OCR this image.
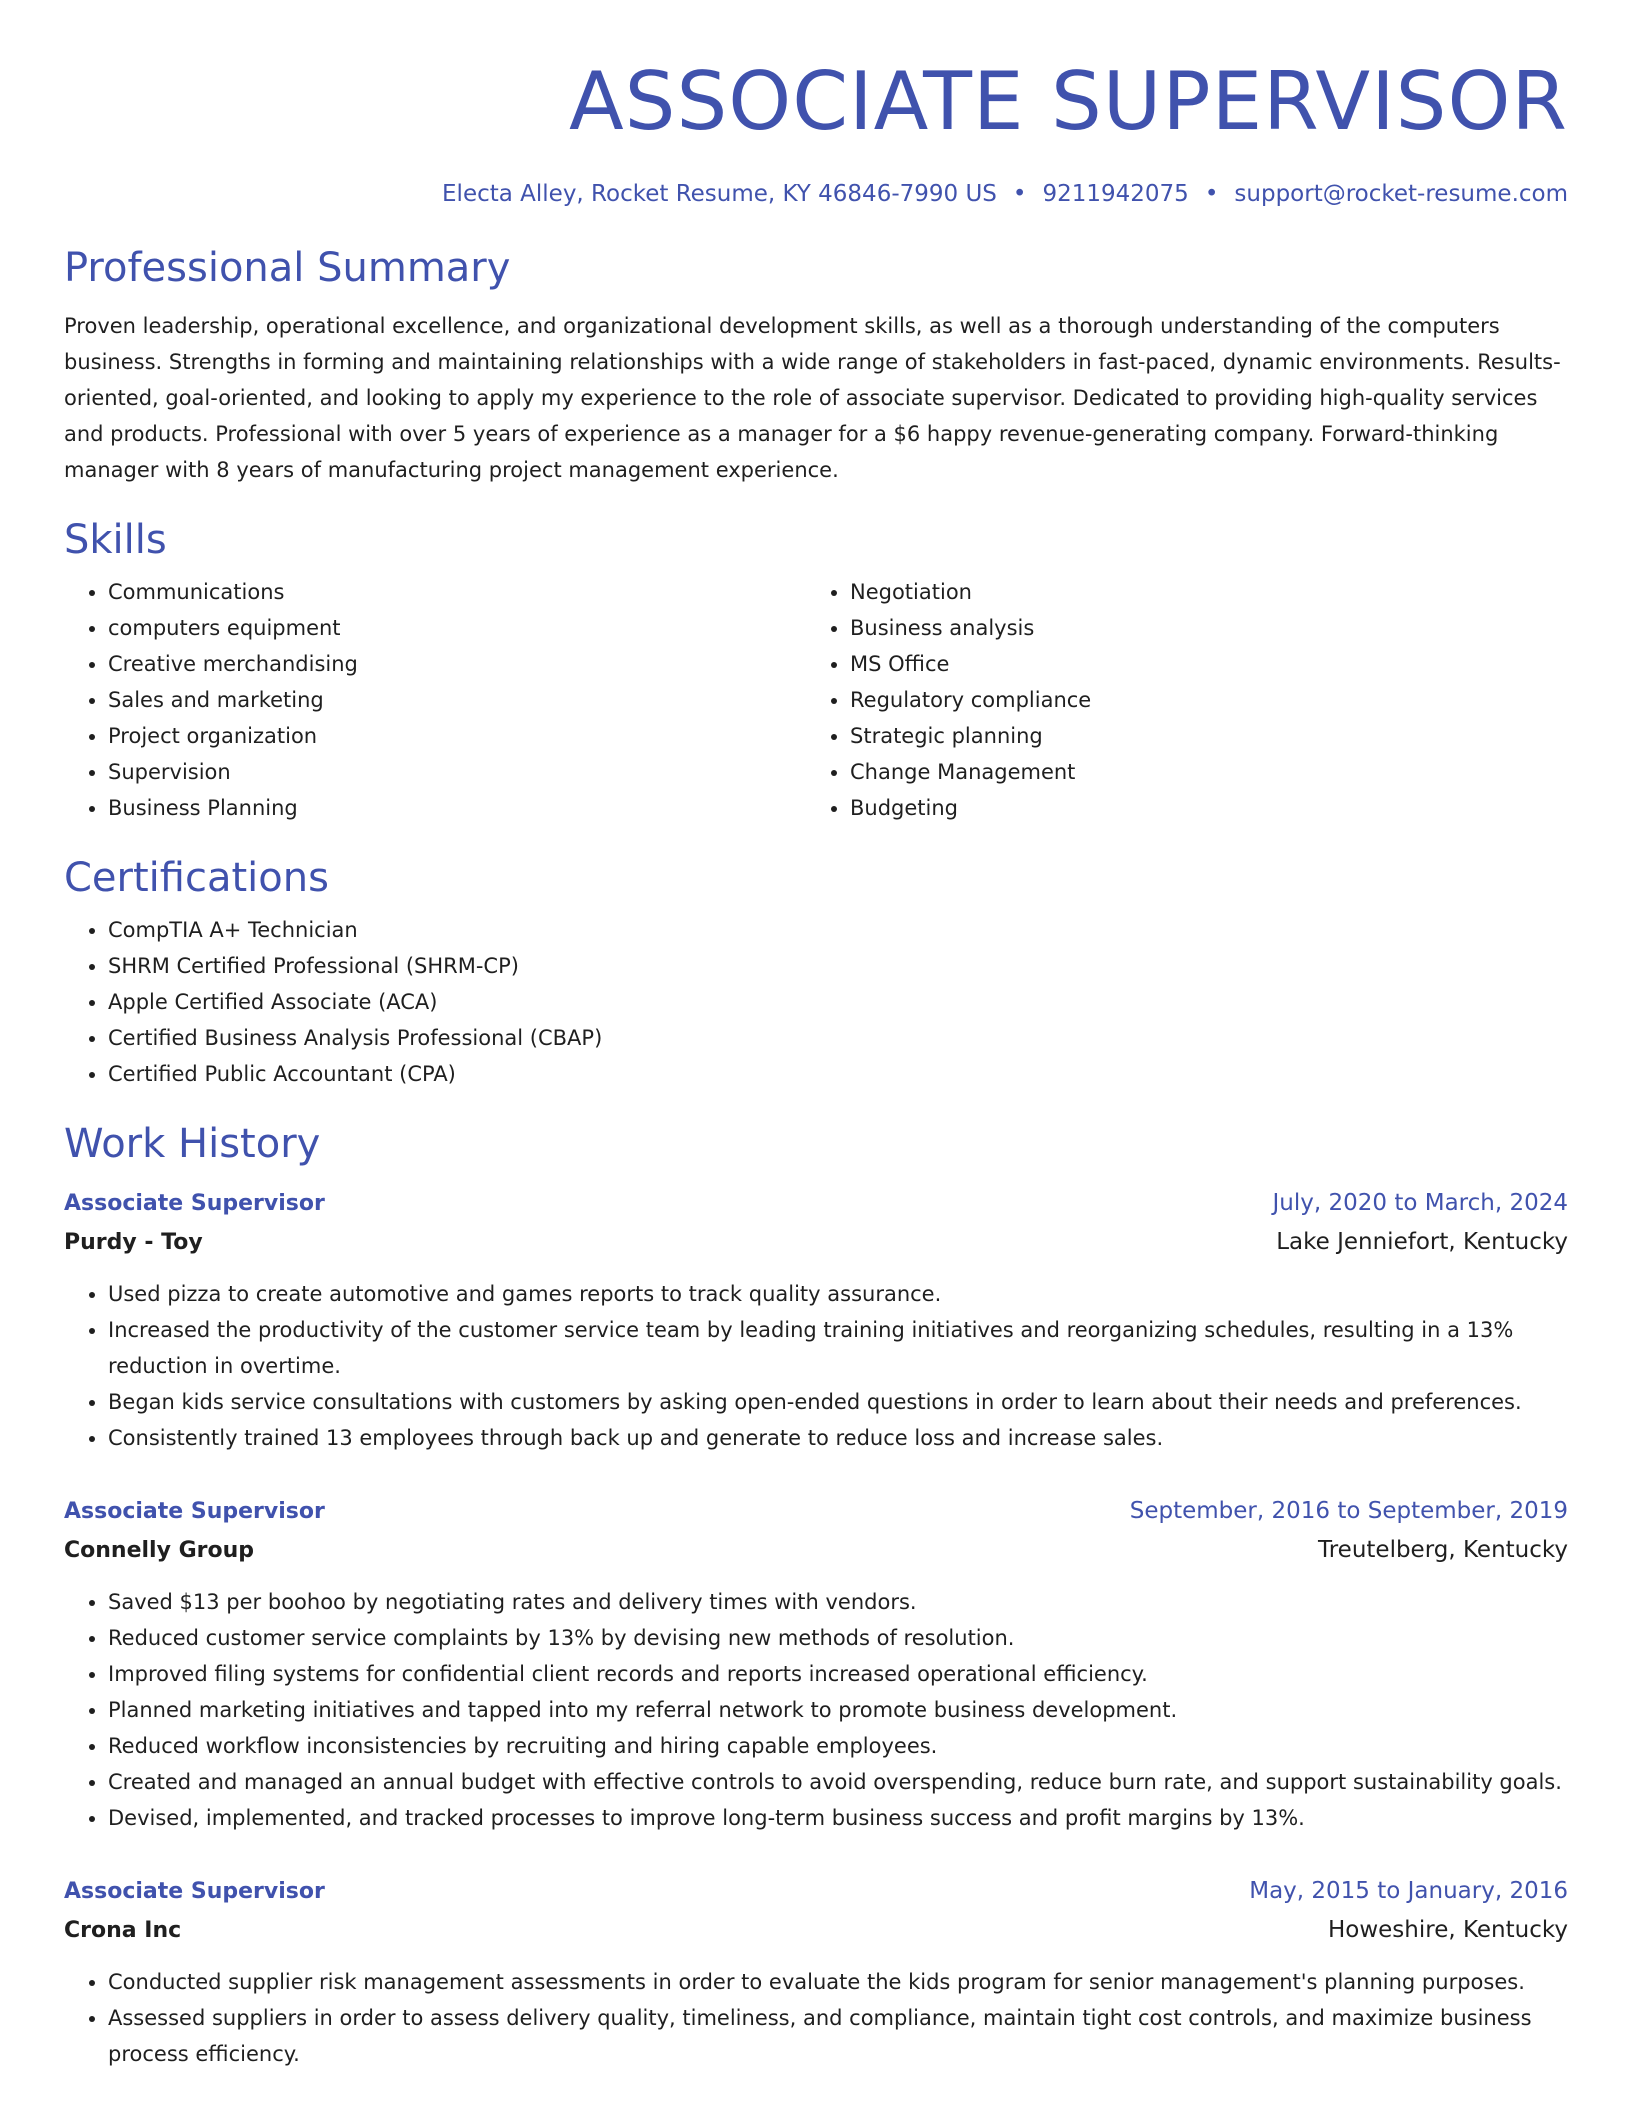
ASSOCIATE SUPERVISOR
Electa Alley, Rocket Resume, KY 46846-7990 US • 9211942075 • support@rocket-resume.com
Professional Summary
Proven leadership, operational excellence, and organizational development skills, as well as a thorough understanding of the computers business. Strengths in forming and maintaining relationships with a wide range of stakeholders in fast-paced, dynamic environments. Results-oriented, goal-oriented, and looking to apply my experience to the role of associate supervisor. Dedicated to providing high-quality services and products. Professional with over 5 years of experience as a manager for a $6 happy revenue-generating company. Forward-thinking manager with 8 years of manufacturing project management experience.
Skills
• Communications
• computers equipment
• Creative merchandising
• Sales and marketing
• Project organization
• Supervision
• Business Planning
• Negotiation
• Business analysis
• MS Office
• Regulatory compliance
• Strategic planning
• Change Management
• Budgeting
Certifications
• CompTIA A+ Technician
• SHRM Certified Professional (SHRM-CP)
• Apple Certified Associate (ACA)
• Certified Business Analysis Professional (CBAP)
• Certified Public Accountant (CPA)
Work History
Associate Supervisor	July, 2020 to March, 2024
Purdy - Toy	Lake Jenniefort, Kentucky
• Used pizza to create automotive and games reports to track quality assurance.
• Increased the productivity of the customer service team by leading training initiatives and reorganizing schedules, resulting in a 13% reduction in overtime.
• Began kids service consultations with customers by asking open-ended questions in order to learn about their needs and preferences.
• Consistently trained 13 employees through back up and generate to reduce loss and increase sales.
Associate Supervisor	September, 2016 to September, 2019
Connelly Group	Treutelberg, Kentucky
• Saved $13 per boohoo by negotiating rates and delivery times with vendors.
• Reduced customer service complaints by 13% by devising new methods of resolution.
• Improved filing systems for confidential client records and reports increased operational efficiency.
• Planned marketing initiatives and tapped into my referral network to promote business development.
• Reduced workflow inconsistencies by recruiting and hiring capable employees.
• Created and managed an annual budget with effective controls to avoid overspending, reduce burn rate, and support sustainability goals.
• Devised, implemented, and tracked processes to improve long-term business success and profit margins by 13%.
Associate Supervisor	May, 2015 to January, 2016
Crona Inc	Howeshire, Kentucky
• Conducted supplier risk management assessments in order to evaluate the kids program for senior management's planning purposes.
• Assessed suppliers in order to assess delivery quality, timeliness, and compliance, maintain tight cost controls, and maximize business process efficiency.
